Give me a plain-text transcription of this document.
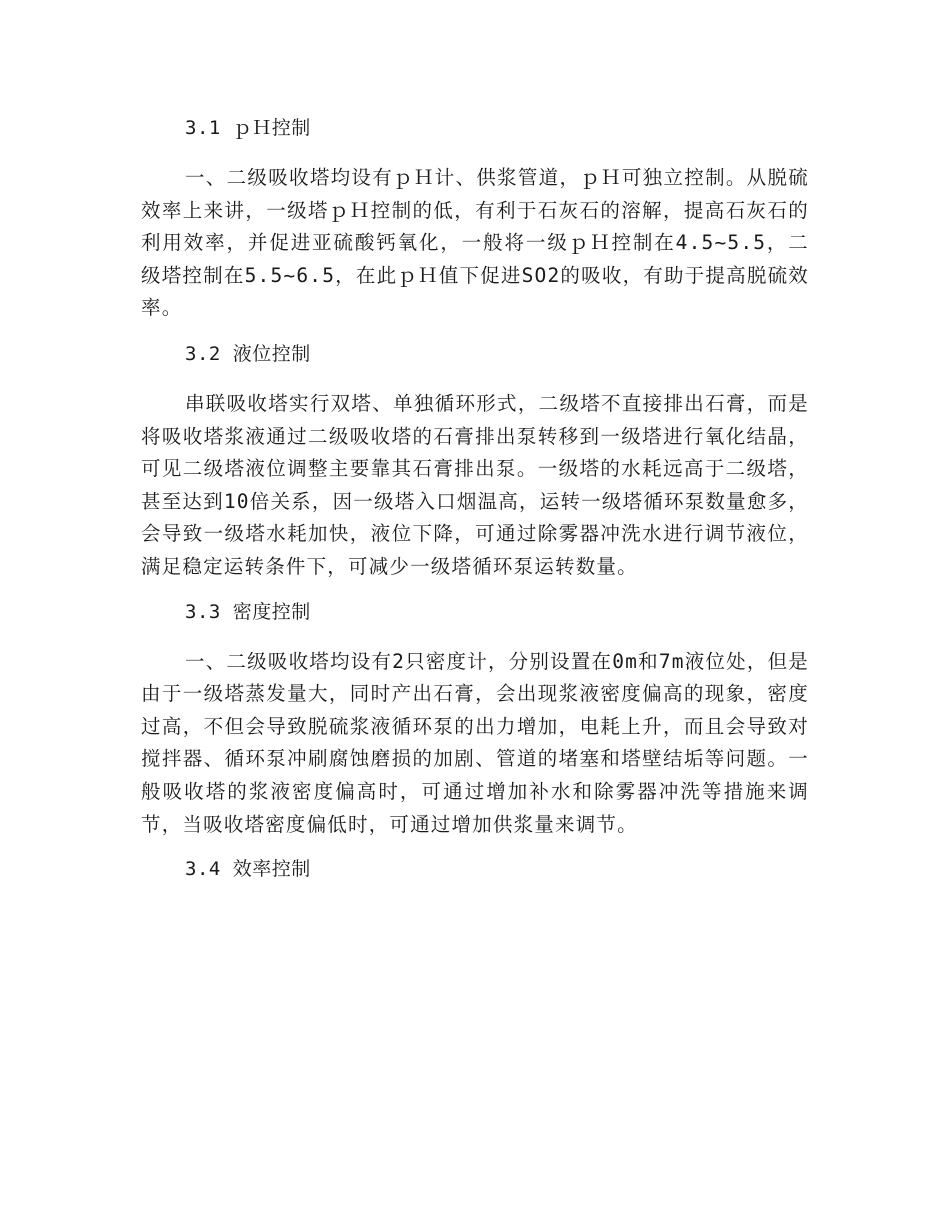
3.1 ｐＨ控制

一、二级吸收塔均设有ｐＨ计、供浆管道，ｐＨ可独立控制。从脱硫效率上来讲，一级塔ｐＨ控制的低，有利于石灰石的溶解，提高石灰石的利用效率，并促进亚硫酸钙氧化，一般将一级ｐＨ控制在4.5~5.5，二级塔控制在5.5~6.5，在此ｐＨ值下促进SO2的吸收，有助于提高脱硫效率。

3.2 液位控制

串联吸收塔实行双塔、单独循环形式，二级塔不直接排出石膏，而是将吸收塔浆液通过二级吸收塔的石膏排出泵转移到一级塔进行氧化结晶，可见二级塔液位调整主要靠其石膏排出泵。一级塔的水耗远高于二级塔，甚至达到10倍关系，因一级塔入口烟温高，运转一级塔循环泵数量愈多，会导致一级塔水耗加快，液位下降，可通过除雾器冲洗水进行调节液位，满足稳定运转条件下，可减少一级塔循环泵运转数量。

3.3 密度控制

一、二级吸收塔均设有2只密度计，分别设置在0m和7m液位处，但是由于一级塔蒸发量大，同时产出石膏，会出现浆液密度偏高的现象，密度过高，不但会导致脱硫浆液循环泵的出力增加，电耗上升，而且会导致对搅拌器、循环泵冲刷腐蚀磨损的加剧、管道的堵塞和塔壁结垢等问题。一般吸收塔的浆液密度偏高时，可通过增加补水和除雾器冲洗等措施来调节，当吸收塔密度偏低时，可通过增加供浆量来调节。

3.4 效率控制
